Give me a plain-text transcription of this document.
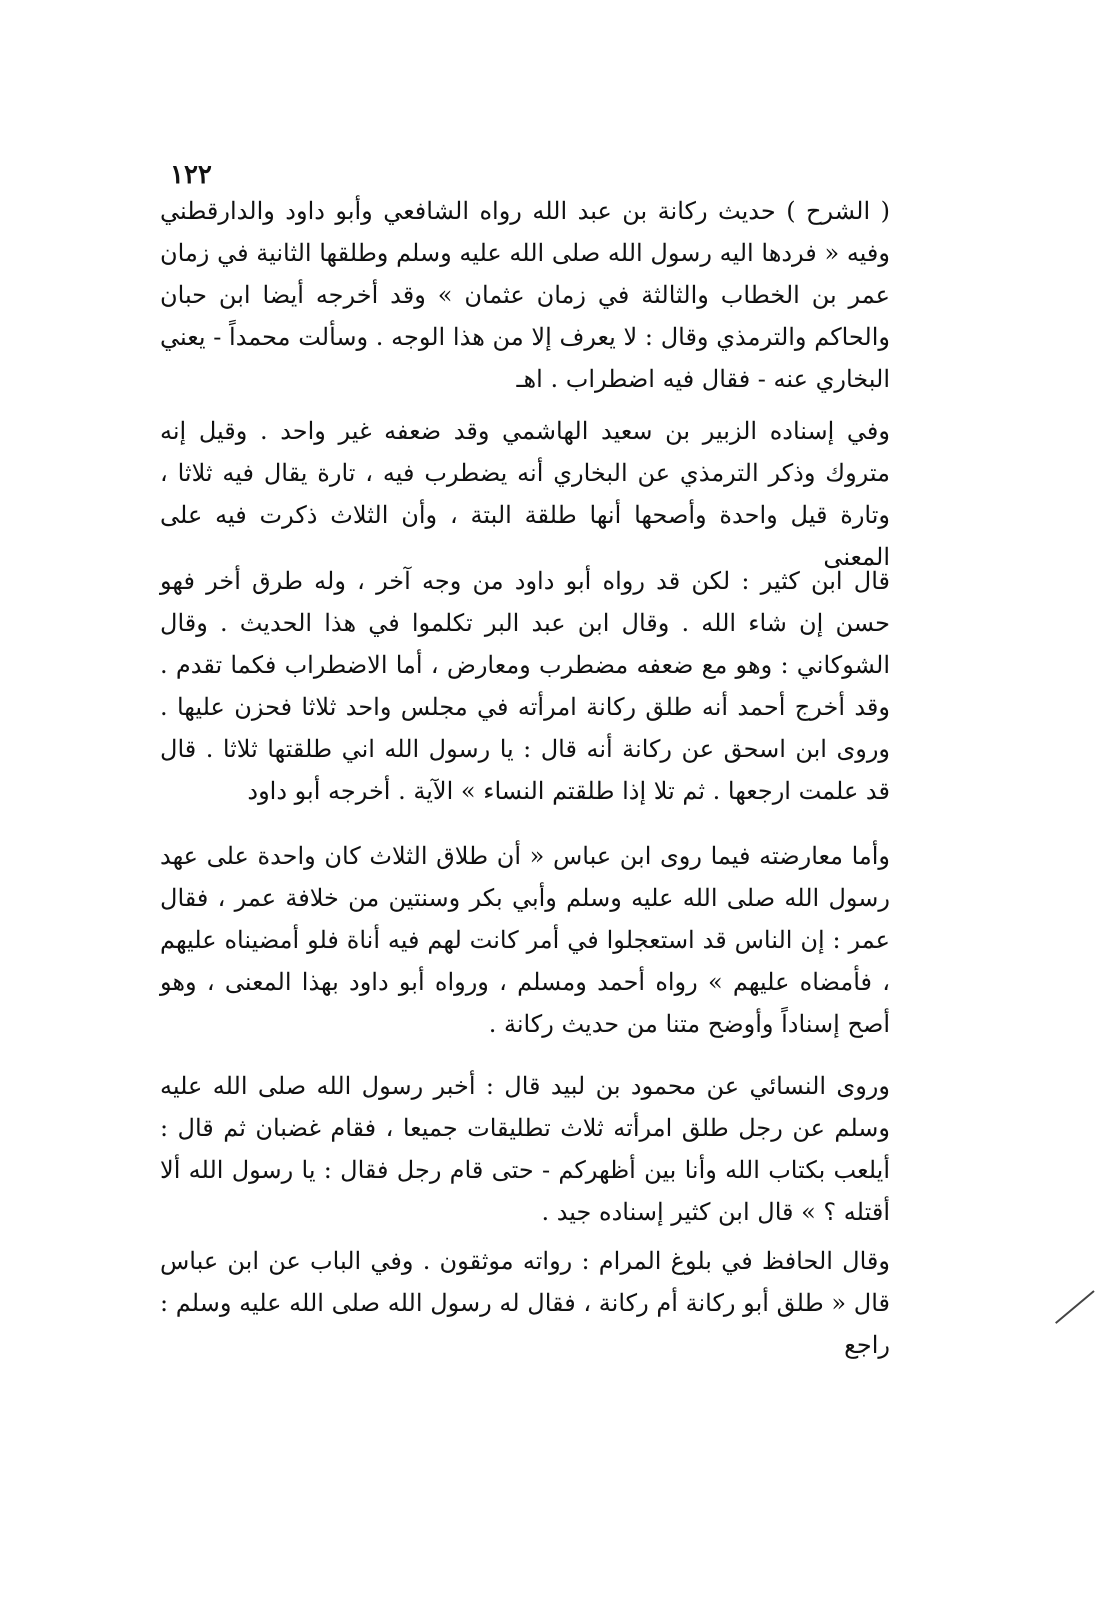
١٢٢

( الشرح ) حديث ركانة بن عبد الله رواه الشافعي وأبو داود والدارقطني وفيه « فردها اليه رسول الله صلى الله عليه وسلم وطلقها الثانية في زمان عمر بن الخطاب والثالثة في زمان عثمان » وقد أخرجه أيضا ابن حبان والحاكم والترمذي وقال : لا يعرف إلا من هذا الوجه . وسألت محمداً - يعني البخاري عنه - فقال فيه اضطراب . اهـ

وفي إسناده الزبير بن سعيد الهاشمي وقد ضعفه غير واحد . وقيل إنه متروك وذكر الترمذي عن البخاري أنه يضطرب فيه ، تارة يقال فيه ثلاثا ، وتارة قيل واحدة وأصحها أنها طلقة البتة ، وأن الثلاث ذكرت فيه على المعنى

قال ابن كثير : لكن قد رواه أبو داود من وجه آخر ، وله طرق أخر فهو حسن إن شاء الله . وقال ابن عبد البر تكلموا في هذا الحديث . وقال الشوكاني : وهو مع ضعفه مضطرب ومعارض ، أما الاضطراب فكما تقدم . وقد أخرج أحمد أنه طلق ركانة امرأته في مجلس واحد ثلاثا فحزن عليها . وروى ابن اسحق عن ركانة أنه قال : يا رسول الله اني طلقتها ثلاثا . قال قد علمت ارجعها . ثم تلا إذا طلقتم النساء » الآية . أخرجه أبو داود

وأما معارضته فيما روى ابن عباس « أن طلاق الثلاث كان واحدة على عهد رسول الله صلى الله عليه وسلم وأبي بكر وسنتين من خلافة عمر ، فقال عمر : إن الناس قد استعجلوا في أمر كانت لهم فيه أناة فلو أمضيناه عليهم ، فأمضاه عليهم » رواه أحمد ومسلم ، ورواه أبو داود بهذا المعنى ، وهو أصح إسناداً وأوضح متنا من حديث ركانة .

وروى النسائي عن محمود بن لبيد قال : أخبر رسول الله صلى الله عليه وسلم عن رجل طلق امرأته ثلاث تطليقات جميعا ، فقام غضبان ثم قال : أيلعب بكتاب الله وأنا بين أظهركم - حتى قام رجل فقال : يا رسول الله ألا أقتله ؟ » قال ابن كثير إسناده جيد .

وقال الحافظ في بلوغ المرام : رواته موثقون . وفي الباب عن ابن عباس قال « طلق أبو ركانة أم ركانة ، فقال له رسول الله صلى الله عليه وسلم : راجع
